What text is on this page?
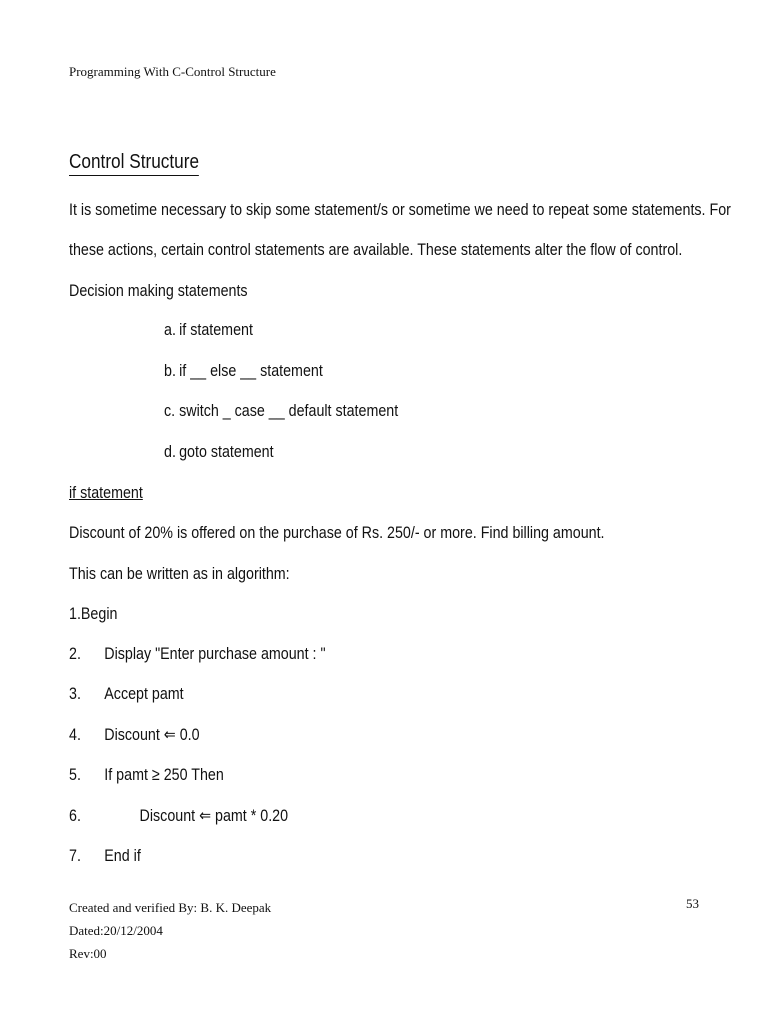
Programming With C-Control Structure
Control Structure
It is sometime necessary to skip some statement/s or sometime we need to repeat some statements. For
these actions, certain control statements are available. These statements alter the flow of control.
Decision making statements
a. if statement
b. if __ else __ statement
c. switch _ case __ default statement
d. goto statement
if statement
Discount of 20% is offered on the purchase of Rs. 250/- or more. Find billing amount.
This can be written as in algorithm:
1.Begin
2. Display "Enter purchase amount : "
3. Accept pamt
4. Discount ⇐ 0.0
5. If pamt ≥ 250 Then
6.	Discount ⇐ pamt * 0.20
7. End if
Created and verified By: B. K. Deepak
Dated:20/12/2004
Rev:00
53
